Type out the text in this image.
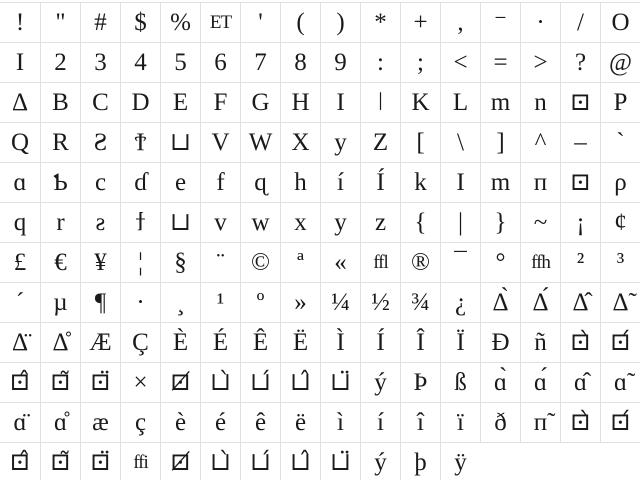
!	"	#	$ % ET	'	(	)	*	+	,	⁻	·	/	O
I	2	3	4	5	6	7	8	9	:	;	<	=	>	? @
Δ B C D E	F G H	I	ǀ	K L m n ⊡ P
Q R Ƨ	Ϯ ⊔ V W X y	Z	[	\	]	^	–	`
ɑ	Ƅ	c	ɗ	e	f	ɋ	h	í	Í	k	I	m п ⊡ ρ
q	r	ƨ	ϯ ⊔ v w x	y	z	{	|	}	~	¡	¢
£	€	¥	¦	§	¨	©	ª	«	ffl ® ¯	°	ffh	²	³
´	µ	¶	·	¸	¹	º	» ¼ ½ ¾	¿	Δ̀ Δ́ Δ̂ Δ̃
Δ̈ Δ̊ Æ Ç È É Ê Ë	Ì	Í	Î	Ï	Ð ñ ⊡̀ ⊡́
⊡̂ ⊡̃ ⊡̈ × ⊡̸ ⊔̀ ⊔́ ⊔̂ ⊔̈ ý	Þ	ß	ɑ̀	ɑ́	ɑ̂	ɑ̃
ɑ̈	ɑ̊	æ	ç	è	é	ê	ë	ì	í	î	ï	ð	п̃ ⊡̀ ⊡́
⊡̂ ⊡̃ ⊡̈	ffi ⊡̸ ⊔̀ ⊔́ ⊔̂ ⊔̈ ý	þ	ÿ
